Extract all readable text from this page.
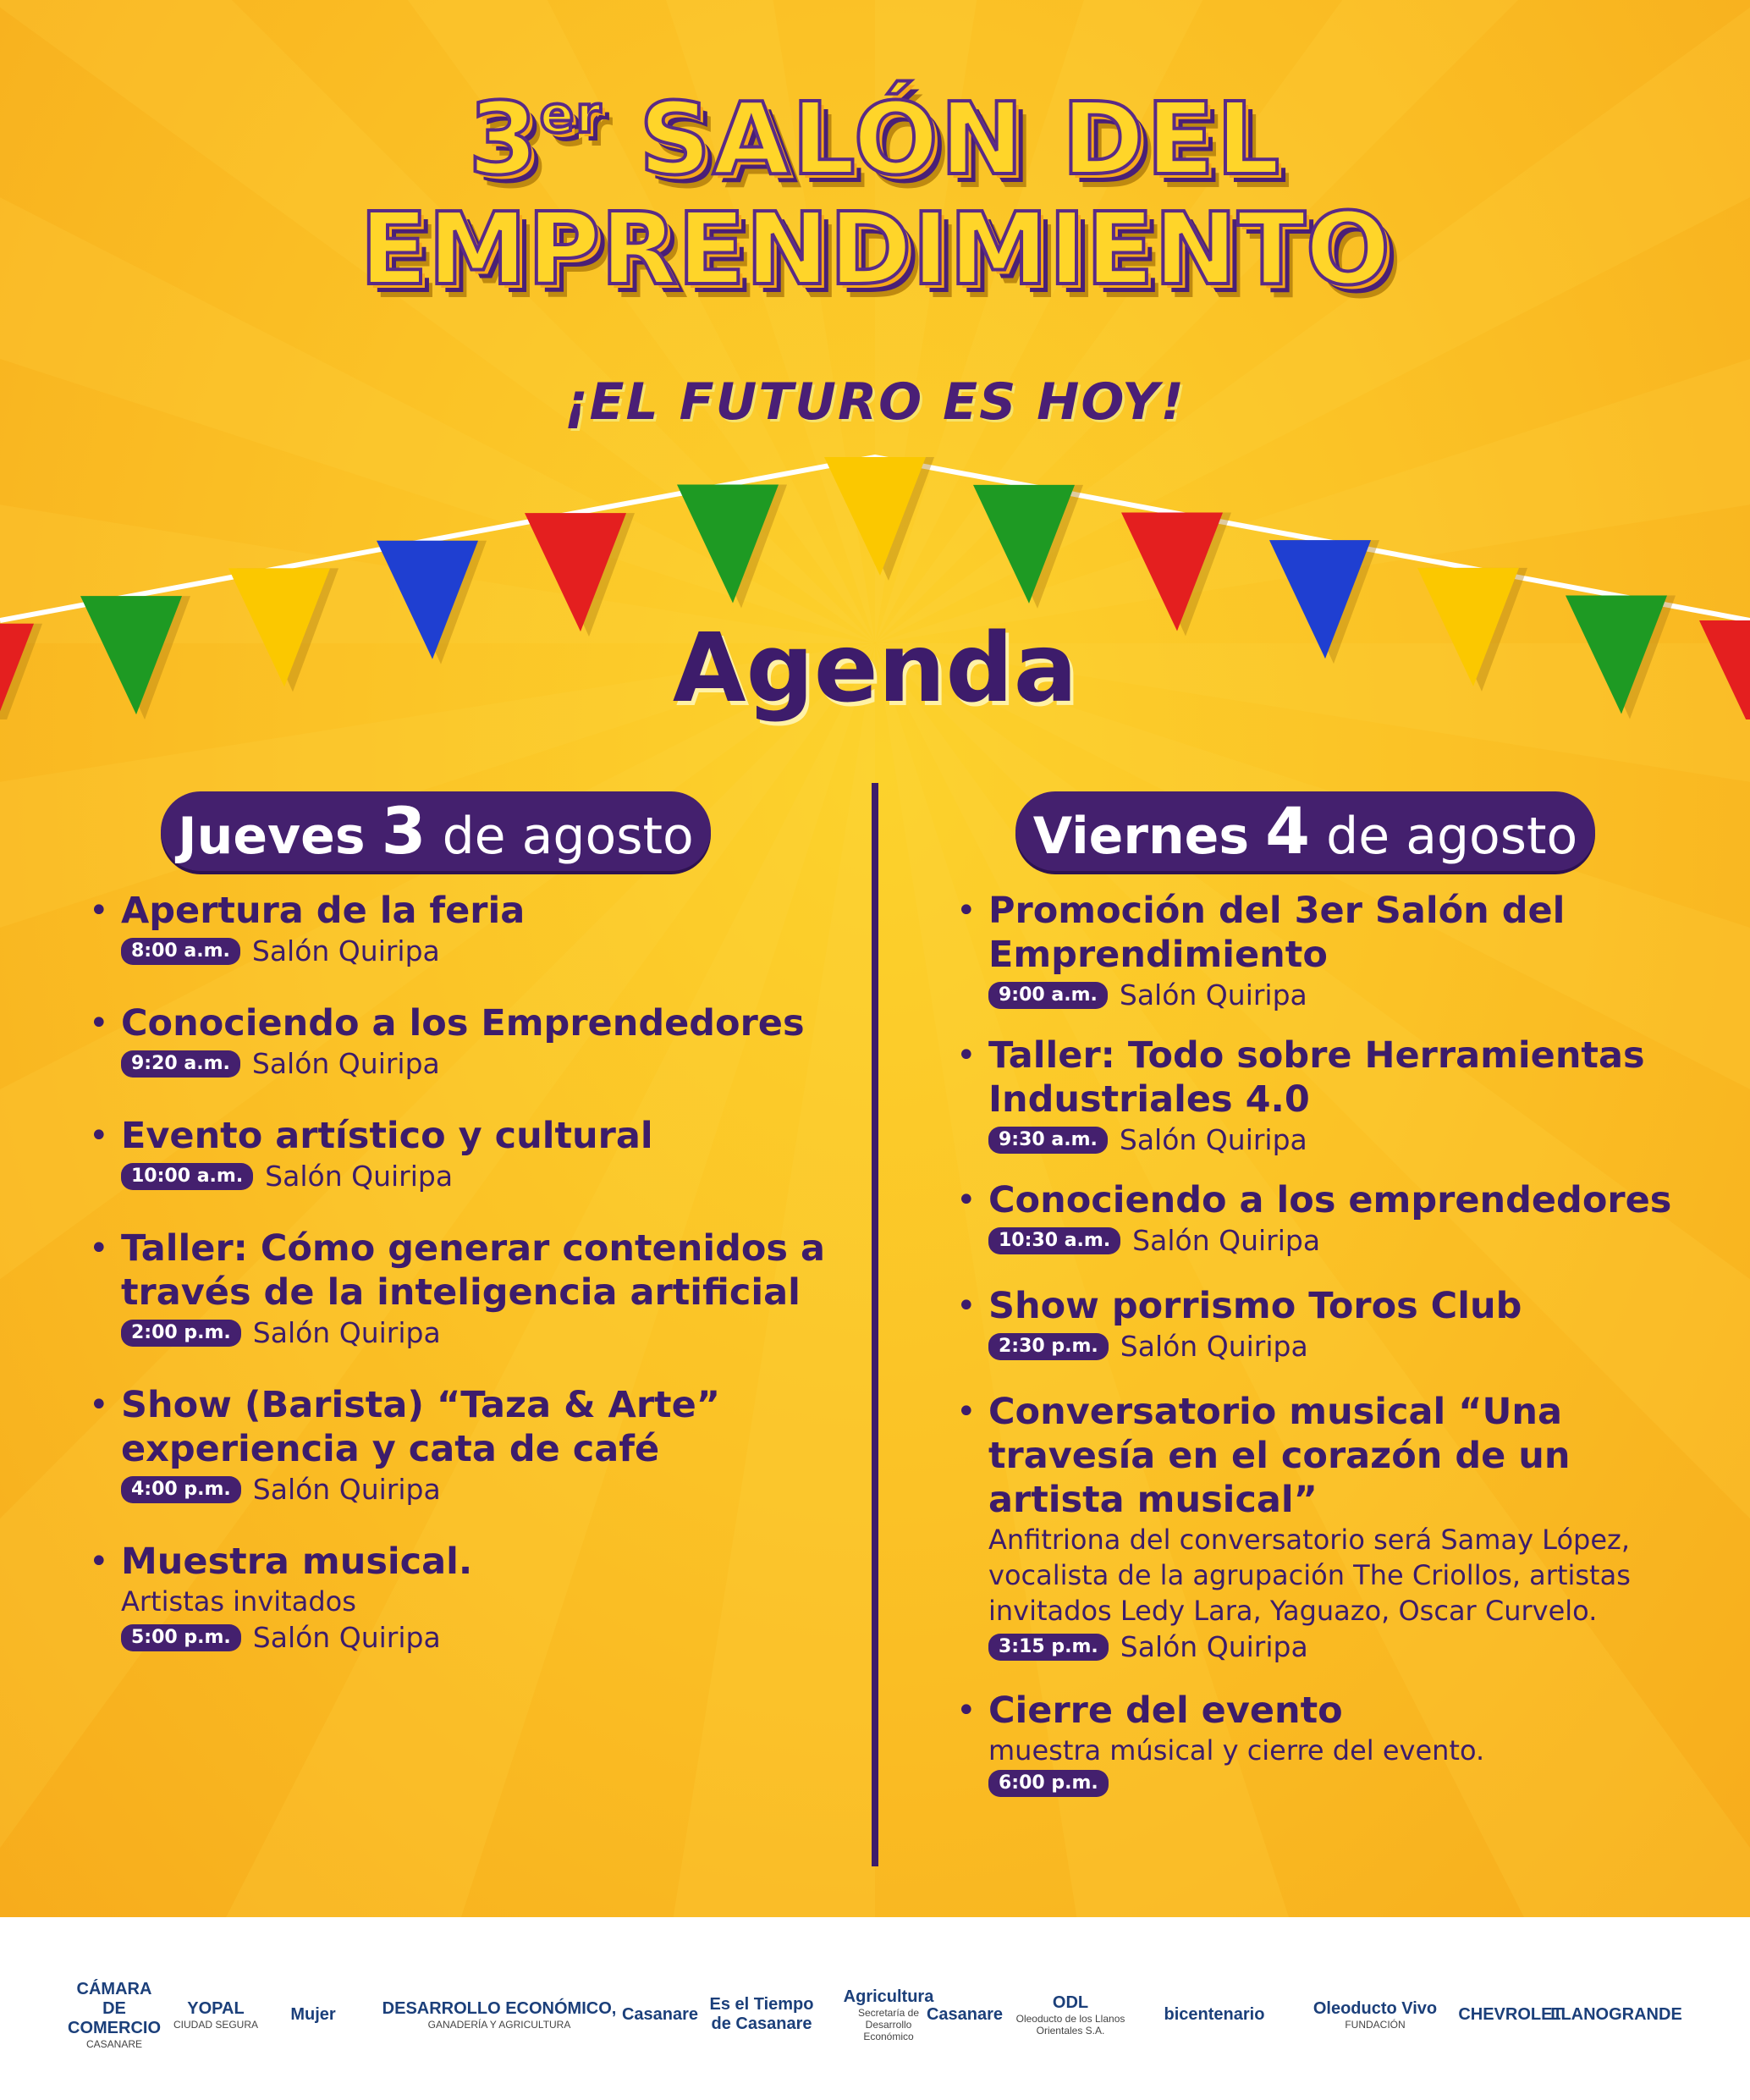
3er SALÓN DEL
EMPRENDIMIENTO
¡EL FUTURO ES HOY!
Agenda
Jueves 3 de agosto	Viernes 4 de agosto
• Apertura de la feria
8:00 a.m. Salón Quiripa
• Conociendo a los Emprendedores
9:20 a.m. Salón Quiripa
• Evento artístico y cultural
10:00 a.m. Salón Quiripa
• Taller: Cómo generar contenidos a través de la inteligencia artificial
2:00 p.m. Salón Quiripa
• Show (Barista) “Taza & Arte” experiencia y cata de café
4:00 p.m. Salón Quiripa
• Muestra musical.
Artistas invitados
5:00 p.m. Salón Quiripa
• Promoción del 3er Salón del Emprendimiento
9:00 a.m. Salón Quiripa
• Taller: Todo sobre Herramientas Industriales 4.0
9:30 a.m. Salón Quiripa
• Conociendo a los emprendedores
10:30 a.m. Salón Quiripa
• Show porrismo Toros Club
2:30 p.m. Salón Quiripa
• Conversatorio musical “Una travesía en el corazón de un artista musical”
Anfitriona del conversatorio será Samay López, vocalista de la agrupación The Criollos, artistas invitados Ledy Lara, Yaguazo, Oscar Curvelo.
3:15 p.m. Salón Quiripa
• Cierre del evento
muestra músical y cierre del evento.
6:00 p.m.
CÁMARA DE COMERCIO
CASANARE
YOPAL
CIUDAD SEGURA
Mujer	DESARROLLO ECONÓMICO,
GANADERÍA Y AGRICULTURA
Casanare
Es el Tiempo de Casanare
Agricultura
Secretaría de Desarrollo Económico
Casanare
ODL
Oleoducto de los Llanos Orientales S.A.
bicentenario	Oleoducto Vivo
FUNDACIÓN
CHEVROLET
LLANOGRANDE
